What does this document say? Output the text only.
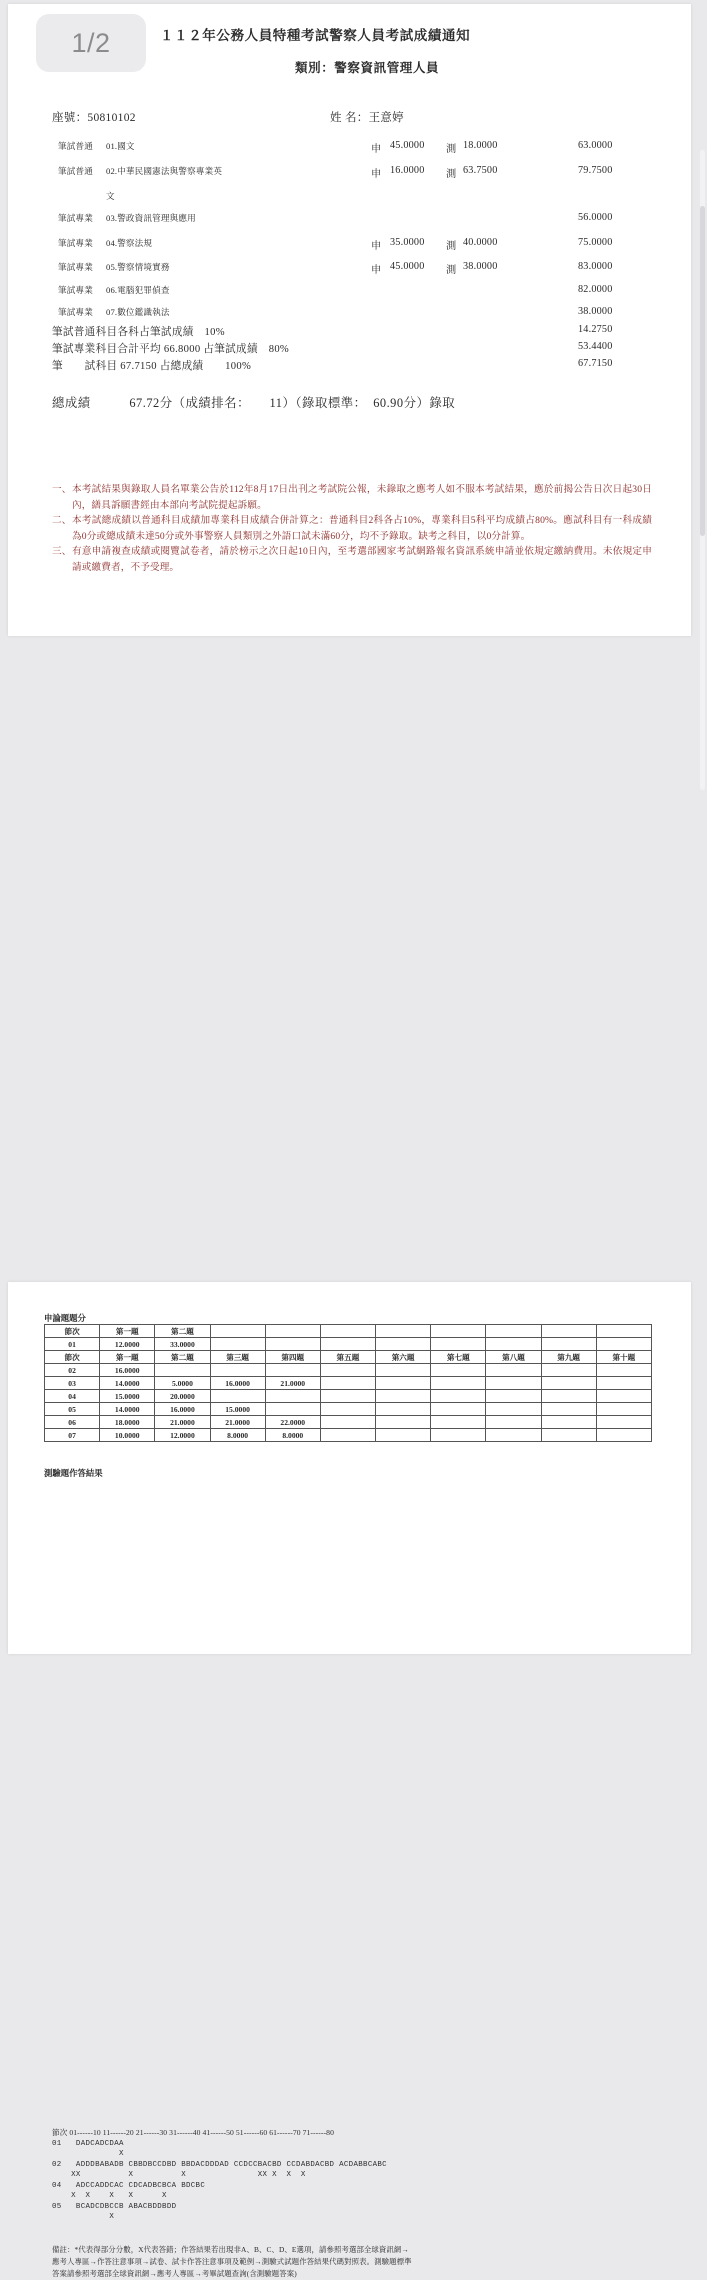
１１２年公務人員特種考試警察人員考試成績通知
類別：警察資訊管理人員
座號：50810102	姓 名：王意婷
筆試普通 01.國文	申 45.0000 測 18.0000	63.0000
筆試普通 02.中華民國憲法與警察專業英	申 16.0000 測 63.7500	79.7500
文
筆試專業 03.警政資訊管理與應用	56.0000
筆試專業 04.警察法規	申 35.0000 測 40.0000	75.0000
筆試專業 05.警察情境實務	申 45.0000 測 38.0000	83.0000
筆試專業 06.電腦犯罪偵查	82.0000
筆試專業 07.數位鑑識執法	38.0000
筆試普通科目各科占筆試成績　10%	14.2750
筆試專業科目合計平均 66.8000 占筆試成績　80%	53.4400
筆　　試科目 67.7150 占總成績　　100%	67.7150
總成績　　　67.72分（成績排名：　　11）（錄取標準：　60.90分）錄取
一、 本考試結果與錄取人員名單業公告於112年8月17日出刊之考試院公報，未錄取之應考人如不服本考試結果，應於前揭公告日次日起30日內，繕具訴願書經由本部向考試院提起訴願。
二、 本考試總成績以普通科目成績加專業科目成績合併計算之：普通科目2科各占10%，專業科目5科平均成績占80%。應試科目有一科成績為0分或總成績未達50分或外事警察人員類別之外語口試未滿60分，均不予錄取。缺考之科目，以0分計算。
三、 有意申請複查成績或閱覽試卷者，請於榜示之次日起10日內，至考選部國家考試網路報名資訊系統申請並依規定繳納費用。未依規定申請或繳費者，不予受理。
申論題題分
節次	第一題	第二題								
01	12.0000	33.0000								
節次	第一題	第二題	第三題	第四題	第五題	第六題	第七題	第八題	第九題	第十題
02	16.0000									
03	14.0000	5.0000	16.0000	21.0000						
04	15.0000	20.0000								
05	14.0000	16.0000	15.0000							
06	18.0000	21.0000	21.0000	22.0000						
07	10.0000	12.0000	8.0000	8.0000						
測驗題作答結果
節次 01------10 11------20 21------30 31------40 41------50 51------60 61------70 71------80
01   DADCADCDAA
X
02   ADDDBABADB CBBDBCCDBD BBDACDDDAD CCDCCBACBD CCDABDACBD ACDABBCABC
XX          X          X               XX X  X  X
04   ADCCADDCAC CDCADBCBCA BDCBC
X  X    X   X      X
05   BCADCDBCCB ABACBDDBDD
X
備註：*代表得部分分數，X代表答錯；作答結果若出現非A、B、C、D、E選項，請參照考選部全球資訊網→
應考人專區→作答注意事項→試卷、試卡作答注意事項及範例→測驗式試題作答結果代碼對照表。測驗題標準
答案請參照考選部全球資訊網→應考人專區→考畢試題查詢(含測驗題答案)
1/2
